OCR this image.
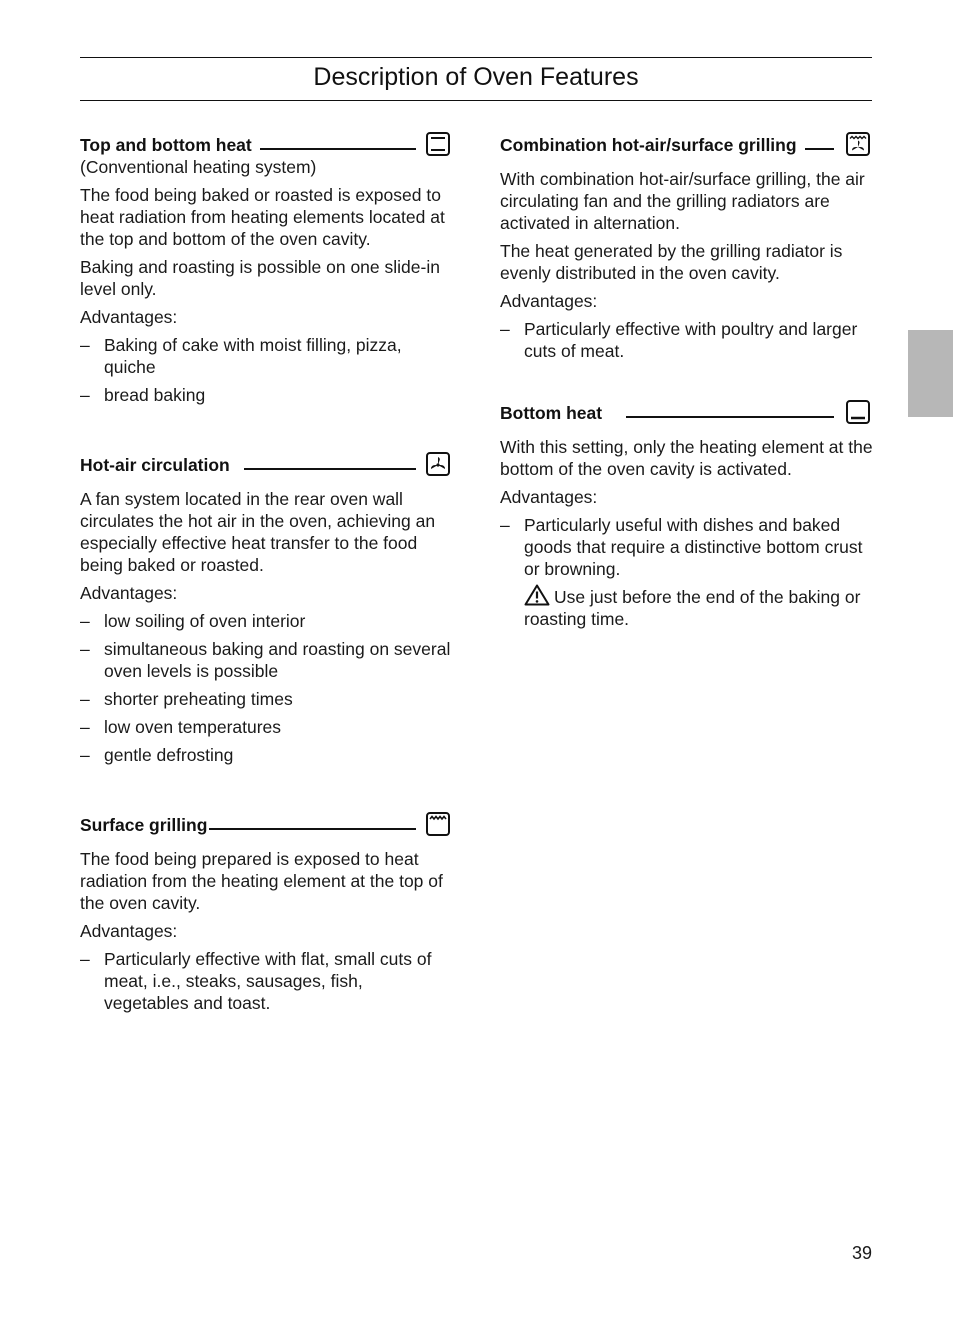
Description of Oven Features
Top and bottom heat

(Conventional heating system)

The food being baked or roasted is exposed to heat radiation from heating elements located at the top and bottom of the oven cavity.

Baking and roasting is possible on one slide-in level only.

Advantages:

– Baking of cake with moist filling, pizza, quiche
– bread baking
Hot-air circulation

A fan system located in the rear oven wall circulates the hot air in the oven, achieving an especially effective heat transfer to the food being baked or roasted.

Advantages:

– low soiling of oven interior
– simultaneous baking and roasting on several oven levels is possible
– shorter preheating times
– low oven temperatures
– gentle defrosting
Surface grilling

The food being prepared is exposed to heat radiation from the heating element at the top of the oven cavity.

Advantages:

– Particularly effective with flat, small cuts of meat, i.e., steaks, sausages, fish, vegetables and toast.
Combination hot-air/surface grilling

With combination hot-air/surface grilling, the air circulating fan and the grilling radiators are activated in alternation.

The heat generated by the grilling radiator is evenly distributed in the oven cavity.

Advantages:

– Particularly effective with poultry and larger cuts of meat.
Bottom heat

With this setting, only the heating element at the bottom of the oven cavity is activated.

Advantages:

– Particularly useful with dishes and baked goods that require a distinctive bottom crust or browning.
Use just before the end of the baking or roasting time.
39
